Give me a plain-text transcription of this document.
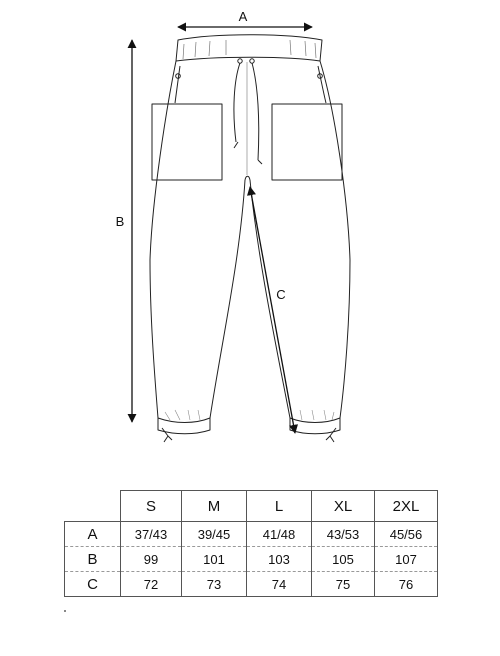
A
B
C
	S	M	L	XL	2XL
A	37/43	39/45	41/48	43/53	45/56
B	99	101	103	105	107
C	72	73	74	75	76
